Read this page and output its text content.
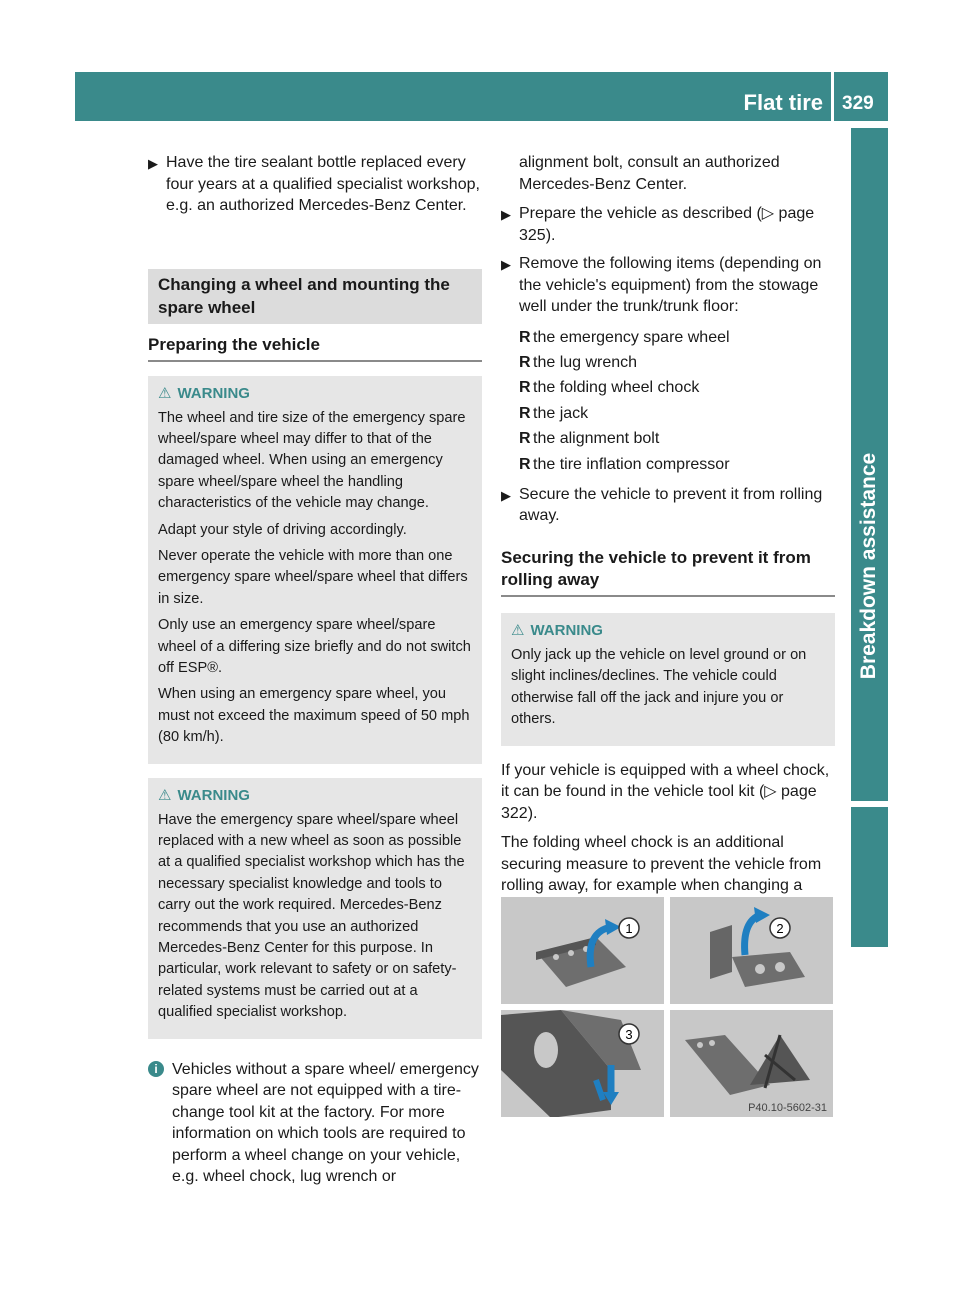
Flat tire 329
Breakdown assistance
▶ Have the tire sealant bottle replaced every four years at a qualified specialist workshop, e.g. an authorized Mercedes-Benz Center.
Changing a wheel and mounting the spare wheel
Preparing the vehicle
⚠ WARNING

The wheel and tire size of the emergency spare wheel/spare wheel may differ to that of the damaged wheel. When using an emergency spare wheel/spare wheel the handling characteristics of the vehicle may change.

Adapt your style of driving accordingly.

Never operate the vehicle with more than one emergency spare wheel/spare wheel that differs in size.

Only use an emergency spare wheel/spare wheel of a differing size briefly and do not switch off ESP®.

When using an emergency spare wheel, you must not exceed the maximum speed of 50 mph (80 km/h).

⚠ WARNING

Have the emergency spare wheel/spare wheel replaced with a new wheel as soon as possible at a qualified specialist workshop which has the necessary specialist knowledge and tools to carry out the work required. Mercedes-Benz recommends that you use an authorized Mercedes-Benz Center for this purpose. In particular, work relevant to safety or on safety-related systems must be carried out at a qualified specialist workshop.

i Vehicles without a spare wheel/ emergency spare wheel are not equipped with a tire-change tool kit at the factory. For more information on which tools are required to perform a wheel change on your vehicle, e.g. wheel chock, lug wrench or

alignment bolt, consult an authorized Mercedes-Benz Center.

▶ Prepare the vehicle as described (▷ page 325).
▶ Remove the following items (depending on the vehicle's equipment) from the stowage well under the trunk/trunk floor:
R the emergency spare wheel
R the lug wrench
R the folding wheel chock
R the jack
R the alignment bolt
R the tire inflation compressor
▶ Secure the vehicle to prevent it from rolling away.
Securing the vehicle to prevent it from rolling away
⚠ WARNING

Only jack up the vehicle on level ground or on slight inclines/declines. The vehicle could otherwise fall off the jack and injure you or others.

If your vehicle is equipped with a wheel chock, it can be found in the vehicle tool kit (▷ page 322).

The folding wheel chock is an additional securing measure to prevent the vehicle from rolling away, for example when changing a

1	2
3
P40.10-5602-31
